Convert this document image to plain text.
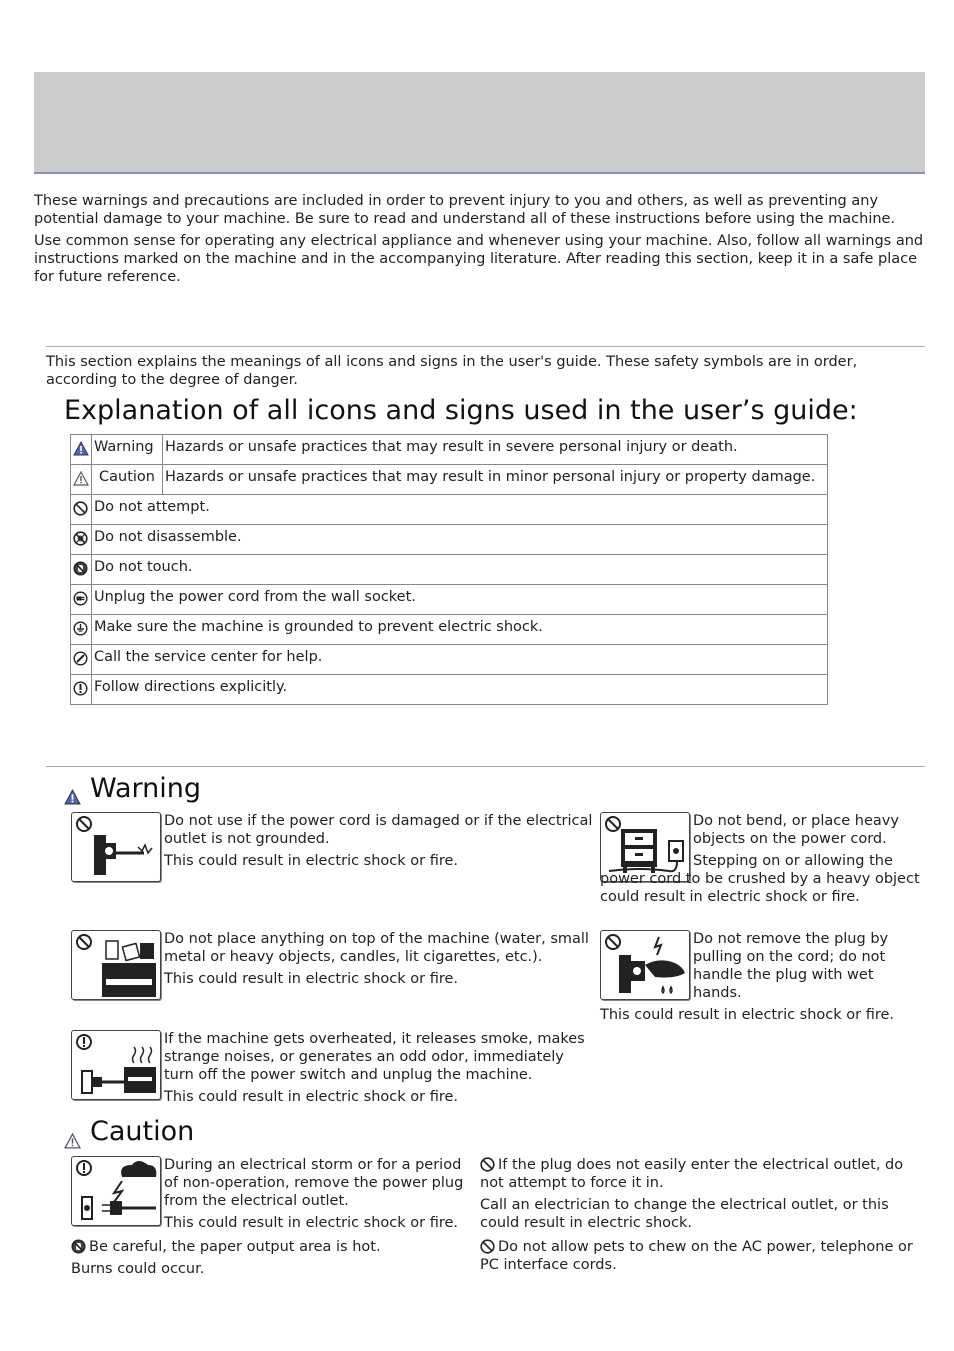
These warnings and precautions are included in order to prevent injury to you and others, as well as preventing any potential damage to your machine. Be sure to read and understand all of these instructions before using the machine.

Use common sense for operating any electrical appliance and whenever using your machine. Also, follow all warnings and instructions marked on the machine and in the accompanying literature. After reading this section, keep it in a safe place for future reference.

This section explains the meanings of all icons and signs in the user's guide. These safety symbols are in order, according to the degree of danger.
Explanation of all icons and signs used in the user’s guide:
	Warning	Hazards or unsafe practices that may result in severe personal injury or death.
	Caution	Hazards or unsafe practices that may result in minor personal injury or property damage.
	Do not attempt.	
	Do not disassemble.	
	Do not touch.	
	Unplug the power cord from the wall socket.	
	Make sure the machine is grounded to prevent electric shock.	
	Call the service center for help.	
	Follow directions explicitly.	
Warning

Do not use if the power cord is damaged or if the electrical outlet is not grounded.

This could result in electric shock or fire.

Do not bend, or place heavy objects on the power cord.
Stepping on or allowing the power cord to be crushed by a heavy object could result in electric shock or fire.

Do not place anything on top of the machine (water, small metal or heavy objects, candles, lit cigarettes, etc.).

This could result in electric shock or fire.

Do not remove the plug by pulling on the cord; do not handle the plug with wet hands.
This could result in electric shock or fire.

If the machine gets overheated, it releases smoke, makes strange noises, or generates an odd odor, immediately turn off the power switch and unplug the machine.

This could result in electric shock or fire.

Caution

During an electrical storm or for a period of non-operation, remove the power plug from the electrical outlet.

This could result in electric shock or fire.

If the plug does not easily enter the electrical outlet, do not attempt to force it in.

Call an electrician to change the electrical outlet, or this could result in electric shock.

Be careful, the paper output area is hot.

Burns could occur.

Do not allow pets to chew on the AC power, telephone or PC interface cords.
